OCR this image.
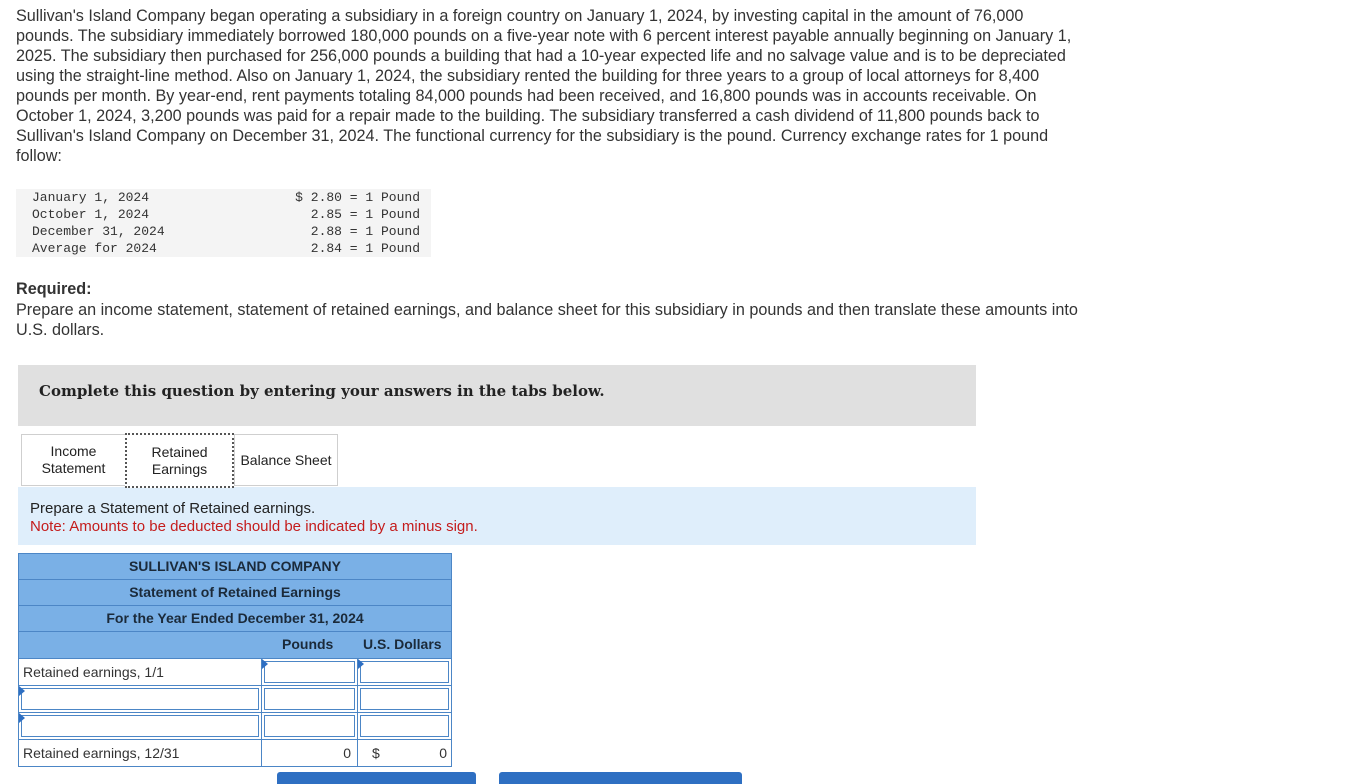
Sullivan's Island Company began operating a subsidiary in a foreign country on January 1, 2024, by investing capital in the amount of 76,000 pounds. The subsidiary immediately borrowed 180,000 pounds on a five-year note with 6 percent interest payable annually beginning on January 1, 2025. The subsidiary then purchased for 256,000 pounds a building that had a 10-year expected life and no salvage value and is to be depreciated using the straight-line method. Also on January 1, 2024, the subsidiary rented the building for three years to a group of local attorneys for 8,400 pounds per month. By year-end, rent payments totaling 84,000 pounds had been received, and 16,800 pounds was in accounts receivable. On October 1, 2024, 3,200 pounds was paid for a repair made to the building. The subsidiary transferred a cash dividend of 11,800 pounds back to Sullivan's Island Company on December 31, 2024. The functional currency for the subsidiary is the pound. Currency exchange rates for 1 pound follow:

January 1, 2024	$ 2.80 = 1 Pound
October 1, 2024	2.85 = 1 Pound
December 31, 2024	2.88 = 1 Pound
Average for 2024	2.84 = 1 Pound

Required:

Prepare an income statement, statement of retained earnings, and balance sheet for this subsidiary in pounds and then translate these amounts into U.S. dollars.

Complete this question by entering your answers in the tabs below.
Income Statement
Retained Earnings
Balance Sheet
Prepare a Statement of Retained earnings.
Note: Amounts to be deducted should be indicated by a minus sign.
SULLIVAN'S ISLAND COMPANY
Statement of Retained Earnings
For the Year Ended December 31, 2024
Pounds U.S. Dollars
Retained earnings, 1/1
Retained earnings, 12/31	0	$	0
